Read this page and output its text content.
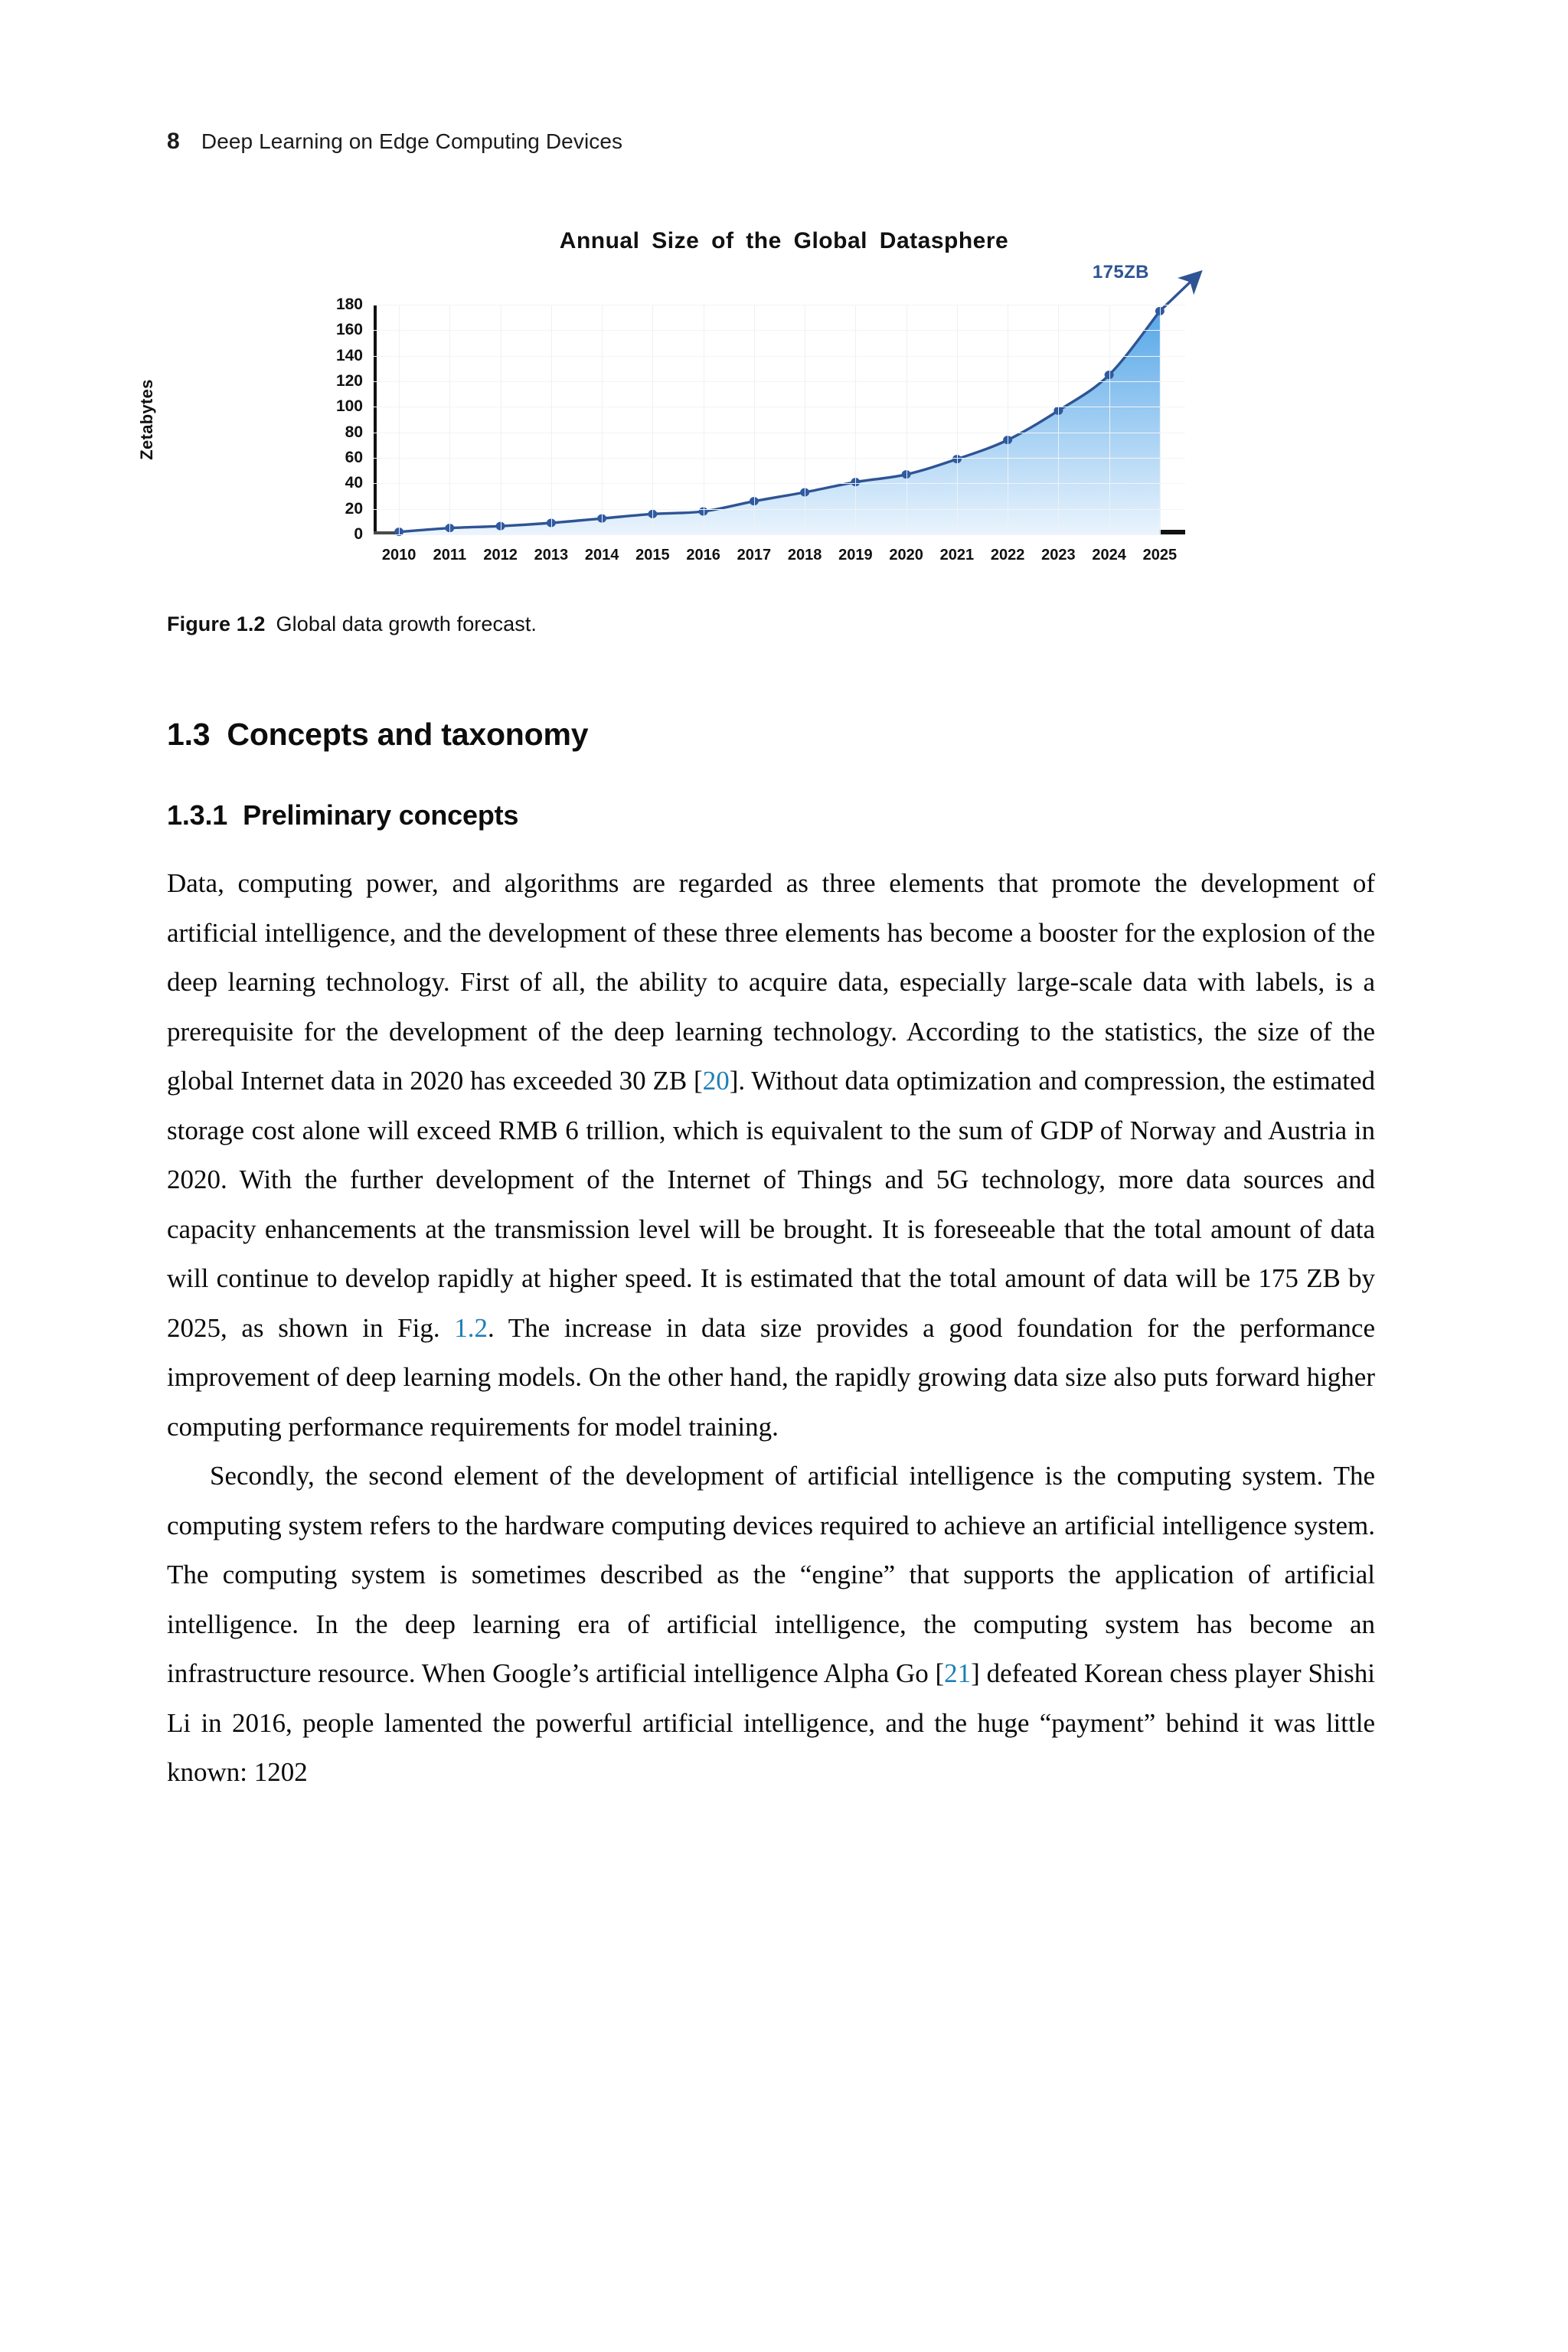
8 Deep Learning on Edge Computing Devices
Annual Size of the Global Datasphere
Zetabytes
0
20
40
60
80
100
120
140
160
180
2010 2011 2012 2013 2014 2015 2016 2017 2018 2019 2020 2021 2022 2023 2024 2025
175ZB
Figure 1.2 Global data growth forecast.
1.3 Concepts and taxonomy
1.3.1 Preliminary concepts

Data, computing power, and algorithms are regarded as three elements that promote the development of artificial intelligence, and the development of these three elements has become a booster for the explosion of the deep learning technology. First of all, the ability to acquire data, especially large-scale data with labels, is a prerequisite for the development of the deep learning technology. According to the statistics, the size of the global Internet data in 2020 has exceeded 30 ZB [20]. Without data optimization and compression, the estimated storage cost alone will exceed RMB 6 trillion, which is equivalent to the sum of GDP of Norway and Austria in 2020. With the further development of the Internet of Things and 5G technology, more data sources and capacity enhancements at the transmission level will be brought. It is foreseeable that the total amount of data will continue to develop rapidly at higher speed. It is estimated that the total amount of data will be 175 ZB by 2025, as shown in Fig. 1.2. The increase in data size provides a good foundation for the performance improvement of deep learning models. On the other hand, the rapidly growing data size also puts forward higher computing performance requirements for model training.

Secondly, the second element of the development of artificial intelligence is the computing system. The computing system refers to the hardware computing devices required to achieve an artificial intelligence system. The computing system is sometimes described as the “engine” that supports the application of artificial intelligence. In the deep learning era of artificial intelligence, the computing system has become an infrastructure resource. When Google’s artificial intelligence Alpha Go [21] defeated Korean chess player Shishi Li in 2016, people lamented the powerful artificial intelligence, and the huge “payment” behind it was little known: 1202
